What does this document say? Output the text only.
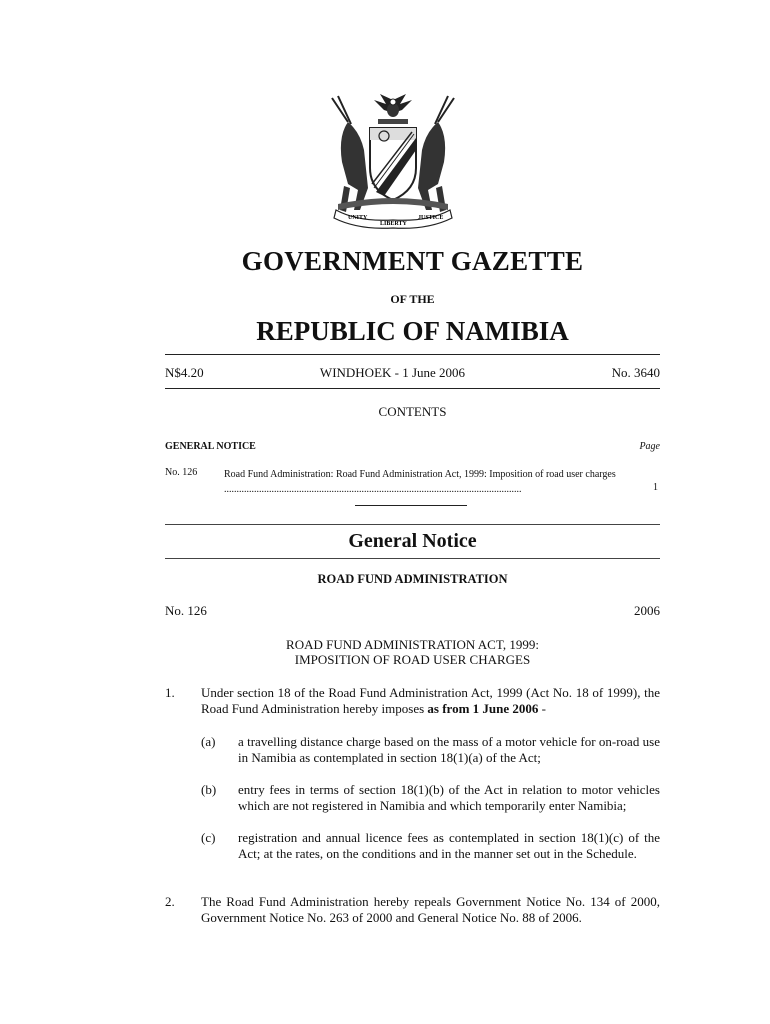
UNITY
LIBERTY
JUSTICE
GOVERNMENT GAZETTE
OF THE
REPUBLIC OF NAMIBIA
N$4.20	WINDHOEK - 1 June 2006	No. 3640
CONTENTS
GENERAL NOTICE	Page
No. 126	Road Fund Administration: Road Fund Administration Act, 1999: Imposition of road user charges .......................................................................................................................	1
General Notice
ROAD FUND ADMINISTRATION
No. 126	2006
ROAD FUND ADMINISTRATION ACT, 1999:
IMPOSITION OF ROAD USER CHARGES
1. Under section 18 of the Road Fund Administration Act, 1999 (Act No. 18 of 1999), the Road Fund Administration hereby imposes as from 1 June 2006 -
(a) a travelling distance charge based on the mass of a motor vehicle for on-road use in Namibia as contemplated in section 18(1)(a) of the Act;
(b) entry fees in terms of section 18(1)(b) of the Act in relation to motor vehicles which are not registered in Namibia and which temporarily enter Namibia;
(c) registration and annual licence fees as contemplated in section 18(1)(c) of the Act; at the rates, on the conditions and in the manner set out in the Schedule.
2. The Road Fund Administration hereby repeals Government Notice No. 134 of 2000, Government Notice No. 263 of 2000 and General Notice No. 88 of 2006.
